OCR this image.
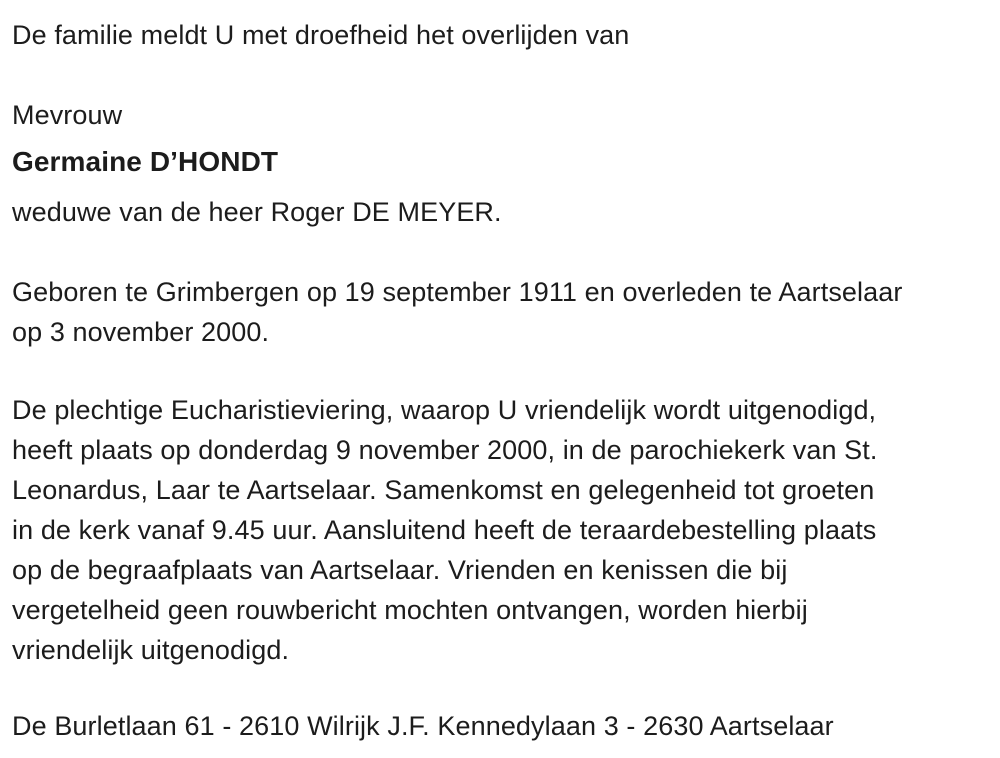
De familie meldt U met droefheid het overlijden van
Mevrouw
Germaine D’HONDT
weduwe van de heer Roger DE MEYER.
Geboren te Grimbergen op 19 september 1911 en overleden te Aartselaar
op 3 november 2000.
De plechtige Eucharistieviering, waarop U vriendelijk wordt uitgenodigd,
heeft plaats op donderdag 9 november 2000, in de parochiekerk van St.
Leonardus, Laar te Aartselaar. Samenkomst en gelegenheid tot groeten
in de kerk vanaf 9.45 uur. Aansluitend heeft de teraardebestelling plaats
op de begraafplaats van Aartselaar. Vrienden en kenissen die bij
vergetelheid geen rouwbericht mochten ontvangen, worden hierbij
vriendelijk uitgenodigd.
De Burletlaan 61 - 2610 Wilrijk J.F. Kennedylaan 3 - 2630 Aartselaar
